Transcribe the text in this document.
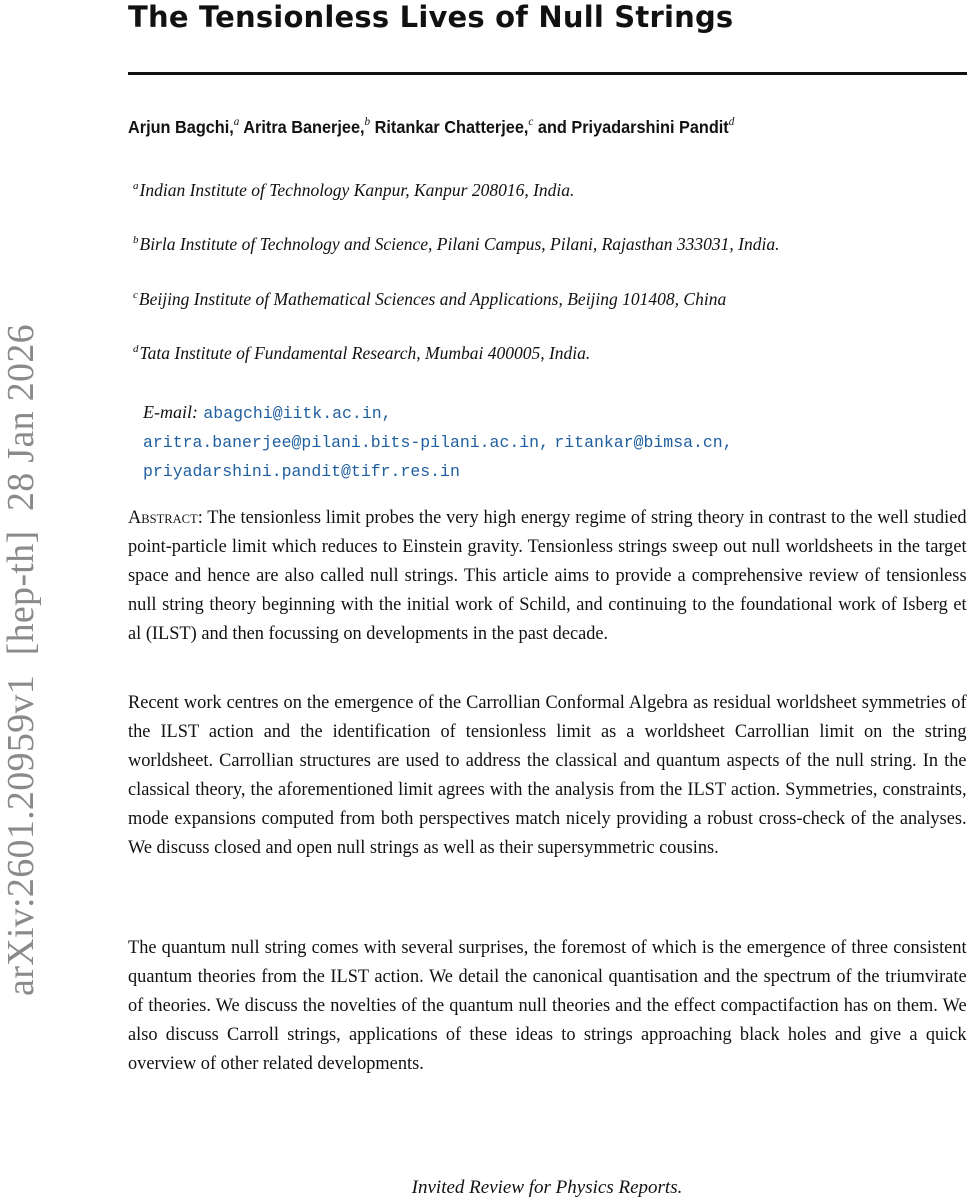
arXiv:2601.20959v1  [hep-th]  28 Jan 2026
The Tensionless Lives of Null Strings
Arjun Bagchi,$^a$ Aritra Banerjee,$^b$ Ritankar Chatterjee,$^c$ and Priyadarshini Pandit$^d$
$^a$Indian Institute of Technology Kanpur, Kanpur 208016, India.
$^b$Birla Institute of Technology and Science, Pilani Campus, Pilani, Rajasthan 333031, India.
$^c$Beijing Institute of Mathematical Sciences and Applications, Beijing 101408, China
$^d$Tata Institute of Fundamental Research, Mumbai 400005, India.
E-mail: abagchi@iitk.ac.in,
aritra.banerjee@pilani.bits-pilani.ac.in, ritankar@bimsa.cn,
priyadarshini.pandit@tifr.res.in

Abstract: The tensionless limit probes the very high energy regime of string theory in contrast to the well studied point-particle limit which reduces to Einstein gravity. Tensionless strings sweep out null worldsheets in the target space and hence are also called null strings. This article aims to provide a comprehensive review of tensionless null string theory beginning with the initial work of Schild, and continuing to the foundational work of Isberg et al (ILST) and then focussing on developments in the past decade.

Recent work centres on the emergence of the Carrollian Conformal Algebra as residual worldsheet symmetries of the ILST action and the identification of tensionless limit as a worldsheet Carrollian limit on the string worldsheet. Carrollian structures are used to address the classical and quantum aspects of the null string. In the classical theory, the aforementioned limit agrees with the analysis from the ILST action. Symmetries, constraints, mode expansions computed from both perspectives match nicely providing a robust cross-check of the analyses. We discuss closed and open null strings as well as their supersymmetric cousins.

The quantum null string comes with several surprises, the foremost of which is the emergence of three consistent quantum theories from the ILST action. We detail the canonical quantisation and the spectrum of the triumvirate of theories. We discuss the novelties of the quantum null theories and the effect compactifaction has on them. We also discuss Carroll strings, applications of these ideas to strings approaching black holes and give a quick overview of other related developments.

Invited Review for Physics Reports.
